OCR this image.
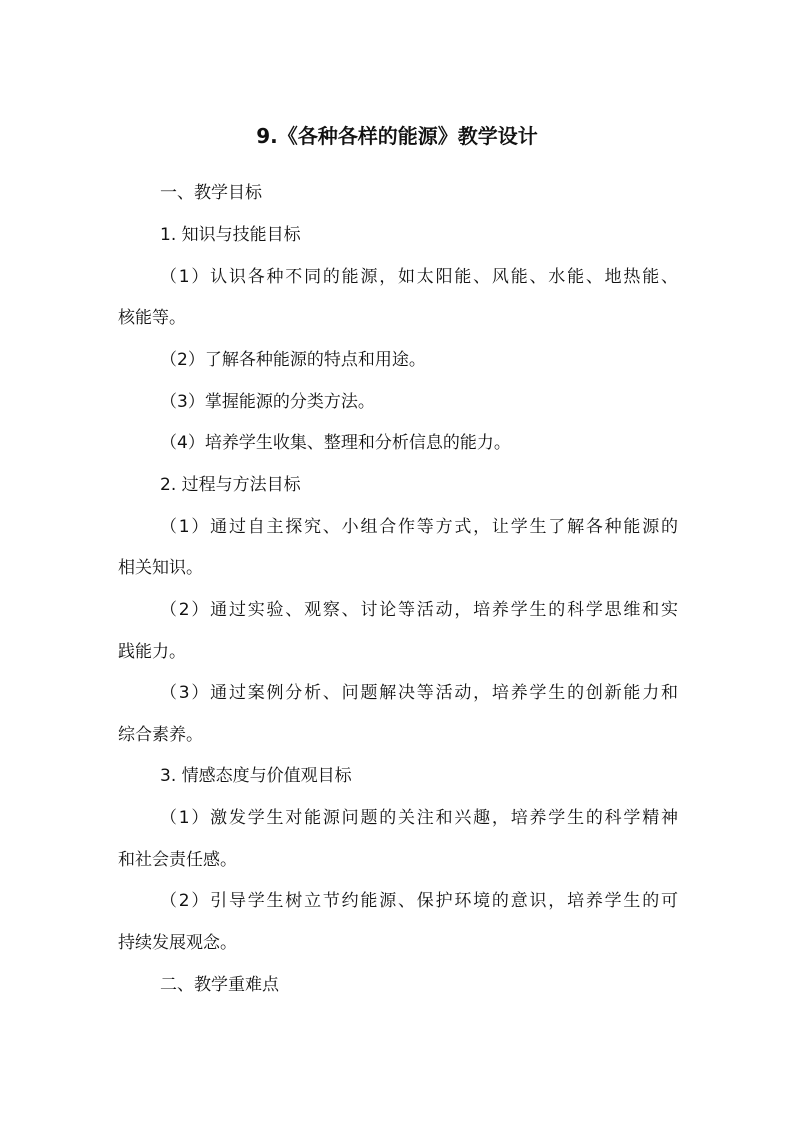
9.《各种各样的能源》教学设计
一、教学目标
1. 知识与技能目标
（1）认识各种不同的能源，如太阳能、风能、水能、地热能、
核能等。
（2）了解各种能源的特点和用途。
（3）掌握能源的分类方法。
（4）培养学生收集、整理和分析信息的能力。
2. 过程与方法目标
（1）通过自主探究、小组合作等方式，让学生了解各种能源的
相关知识。
（2）通过实验、观察、讨论等活动，培养学生的科学思维和实
践能力。
（3）通过案例分析、问题解决等活动，培养学生的创新能力和
综合素养。
3. 情感态度与价值观目标
（1）激发学生对能源问题的关注和兴趣，培养学生的科学精神
和社会责任感。
（2）引导学生树立节约能源、保护环境的意识，培养学生的可
持续发展观念。
二、教学重难点
